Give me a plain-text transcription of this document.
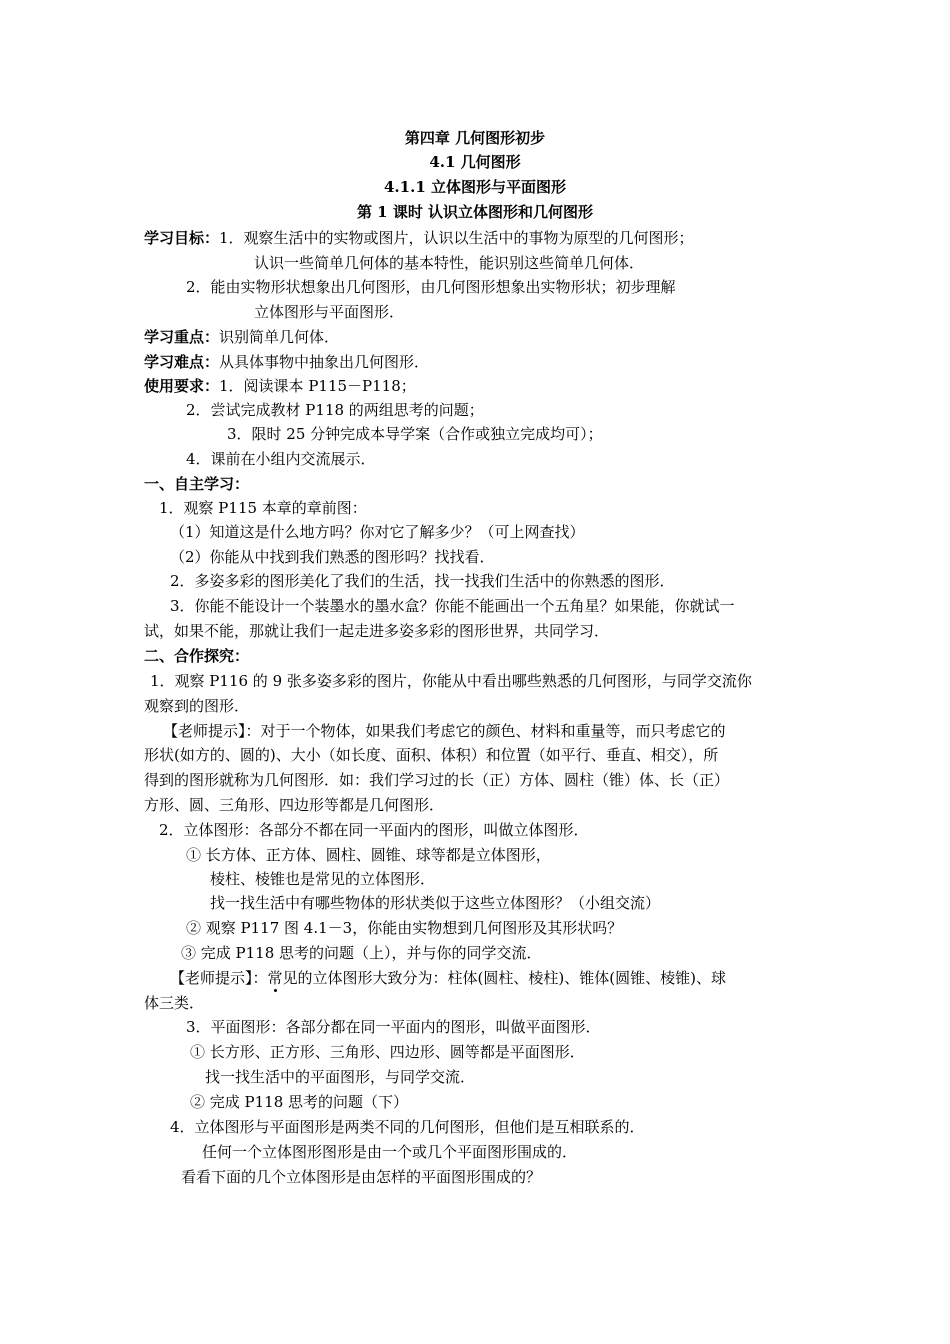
第四章 几何图形初步
4.1 几何图形
4.1.1 立体图形与平面图形
第 1 课时 认识立体图形和几何图形
学习目标：1．观察生活中的实物或图片，认识以生活中的事物为原型的几何图形；
认识一些简单几何体的基本特性，能识别这些简单几何体．
2．能由实物形状想象出几何图形，由几何图形想象出实物形状；初步理解
立体图形与平面图形．
学习重点：识别简单几何体．
学习难点：从具体事物中抽象出几何图形．
使用要求：1．阅读课本 P115－P118；
2．尝试完成教材 P118 的两组思考的问题；
3．限时 25 分钟完成本导学案（合作或独立完成均可）；
4．课前在小组内交流展示．
一、自主学习：
1．观察 P115 本章的章前图：
（1）知道这是什么地方吗？你对它了解多少？（可上网查找）
（2）你能从中找到我们熟悉的图形吗？找找看．
2．多姿多彩的图形美化了我们的生活，找一找我们生活中的你熟悉的图形．
3．你能不能设计一个装墨水的墨水盒？你能不能画出一个五角星？如果能，你就试一
试，如果不能，那就让我们一起走进多姿多彩的图形世界，共同学习．
二、合作探究：
1．观察 P116 的 9 张多姿多彩的图片，你能从中看出哪些熟悉的几何图形，与同学交流你
观察到的图形．
【老师提示】：对于一个物体，如果我们考虑它的颜色、材料和重量等，而只考虑它的
形状(如方的、圆的)、大小（如长度、面积、体积）和位置（如平行、垂直、相交），所
得到的图形就称为几何图形．如：我们学习过的长（正）方体、圆柱（锥）体、长（正）
方形、圆、三角形、四边形等都是几何图形．
2．立体图形：各部分不都在同一平面内的图形，叫做立体图形．
① 长方体、正方体、圆柱、圆锥、球等都是立体图形，
棱柱、棱锥也是常见的立体图形．
找一找生活中有哪些物体的形状类似于这些立体图形？（小组交流）
② 观察 P117 图 4.1－3，你能由实物想到几何图形及其形状吗？
③ 完成 P118 思考的问题（上），并与你的同学交流．
【老师提示】：常见的立体图形大致分为：柱体(圆柱、棱柱)、锥体(圆锥、棱锥)、球
体三类．
3．平面图形：各部分都在同一平面内的图形，叫做平面图形．
① 长方形、正方形、三角形、四边形、圆等都是平面图形．
找一找生活中的平面图形，与同学交流．
② 完成 P118 思考的问题（下）
4．立体图形与平面图形是两类不同的几何图形，但他们是互相联系的．
任何一个立体图形图形是由一个或几个平面图形围成的．
看看下面的几个立体图形是由怎样的平面图形围成的？
